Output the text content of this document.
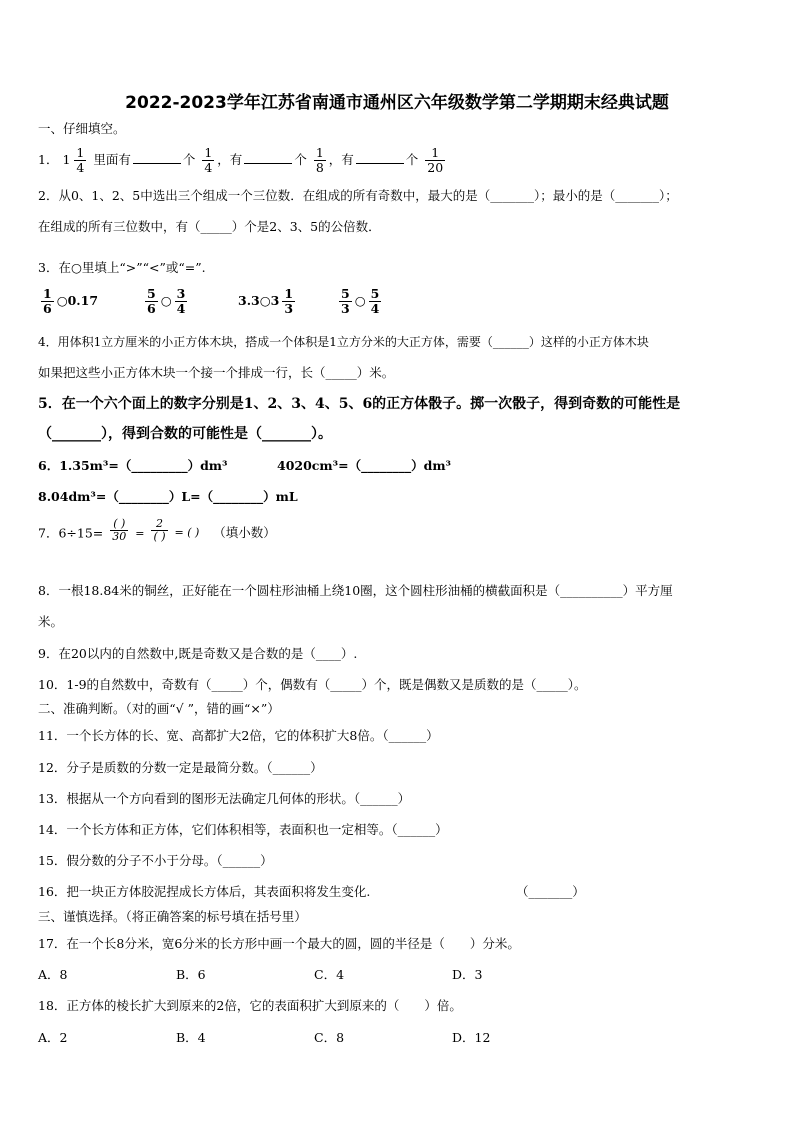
2022-2023学年江苏省南通市通州区六年级数学第二学期期末经典试题
一、仔细填空。
1． $1 \frac{1}{4}$ 里面有	个 $\frac{1}{4}$ ，有	个 $\frac{1}{8}$ ，有	个 $\frac{1}{20}$
2．从0、1、2、5中选出三个组成一个三位数．在组成的所有奇数中，最大的是（_______）；最小的是（_______）；
在组成的所有三位数中，有（_____）个是2、3、5的公倍数．
3．在○里填上“>”“<”或“=”.
$\frac{1}{6}$ ○0.17	$\frac{5}{6}$ ○ $\frac{3}{4}$	3.3○3 $\frac{1}{3}$	$\frac{5}{3}$ ○ $\frac{5}{4}$
4．用体积1立方厘米的小正方体木块，搭成一个体积是1立方分米的大正方体，需要（______）这样的小正方体木块
如果把这些小正方体木块一个接一个排成一行，长（_____）米。
5．在一个六个面上的数字分别是1、2、3、4、5、6的正方体骰子。掷一次骰子，得到奇数的可能性是
（_______），得到合数的可能性是（_______）。
6．1.35m³=（_________）dm³	4020cm³=（________）dm³
8.04dm³=（________）L=（________）mL
7．6÷15=
( )
30 =
2
( ) = ( ) （填小数）
8．一根18.84米的铜丝，正好能在一个圆柱形油桶上绕10圈，这个圆柱形油桶的横截面积是（__________）平方厘
米。
9．在20以内的自然数中,既是奇数又是合数的是（____）.
10．1-9的自然数中，奇数有（_____）个，偶数有（_____）个，既是偶数又是质数的是（_____）。
二、准确判断。（对的画“√ ”，错的画“×”）
11．一个长方体的长、宽、高都扩大2倍，它的体积扩大8倍。（______）
12．分子是质数的分数一定是最简分数。（______）
13．根据从一个方向看到的图形无法确定几何体的形状。（______）
14．一个长方体和正方体，它们体积相等，表面积也一定相等。（______）
15．假分数的分子不小于分母。（______）
16．把一块正方体胶泥捏成长方体后，其表面积将发生变化.	（_______）
三、谨慎选择。（将正确答案的标号填在括号里）
17．在一个长8分米，宽6分米的长方形中画一个最大的圆，圆的半径是（　　）分米。
A．8	B．6	C．4	D．3
18．正方体的棱长扩大到原来的2倍，它的表面积扩大到原来的（　　）倍。
A．2	B．4	C．8	D．12
